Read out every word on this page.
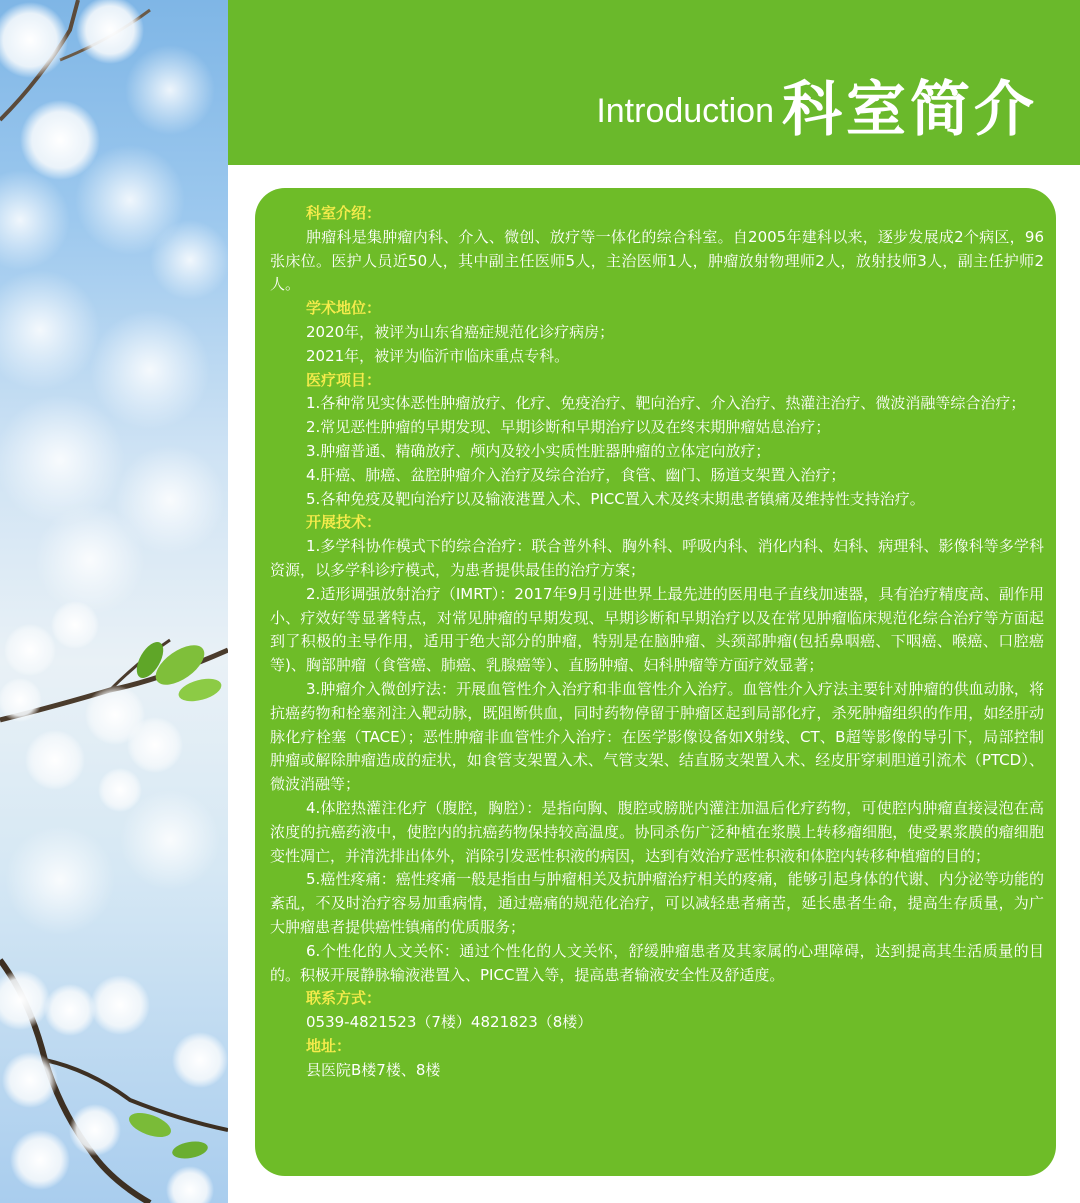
Introduction 科室简介

科室介绍：

肿瘤科是集肿瘤内科、介入、微创、放疗等一体化的综合科室。自2005年建科以来，逐步发展成2个病区，96张床位。医护人员近50人，其中副主任医师5人，主治医师1人，肿瘤放射物理师2人，放射技师3人，副主任护师2人。

学术地位：

2020年，被评为山东省癌症规范化诊疗病房；

2021年，被评为临沂市临床重点专科。

医疗项目：

1.各种常见实体恶性肿瘤放疗、化疗、免疫治疗、靶向治疗、介入治疗、热灌注治疗、微波消融等综合治疗；

2.常见恶性肿瘤的早期发现、早期诊断和早期治疗以及在终末期肿瘤姑息治疗；

3.肿瘤普通、精确放疗、颅内及较小实质性脏器肿瘤的立体定向放疗；

4.肝癌、肺癌、盆腔肿瘤介入治疗及综合治疗，食管、幽门、肠道支架置入治疗；

5.各种免疫及靶向治疗以及输液港置入术、PICC置入术及终末期患者镇痛及维持性支持治疗。

开展技术：

1.多学科协作模式下的综合治疗：联合普外科、胸外科、呼吸内科、消化内科、妇科、病理科、影像科等多学科资源，以多学科诊疗模式，为患者提供最佳的治疗方案；

2.适形调强放射治疗（IMRT）：2017年9月引进世界上最先进的医用电子直线加速器，具有治疗精度高、副作用小、疗效好等显著特点，对常见肿瘤的早期发现、早期诊断和早期治疗以及在常见肿瘤临床规范化综合治疗等方面起到了积极的主导作用，适用于绝大部分的肿瘤，特别是在脑肿瘤、头颈部肿瘤(包括鼻咽癌、下咽癌、喉癌、口腔癌等)、胸部肿瘤（食管癌、肺癌、乳腺癌等）、直肠肿瘤、妇科肿瘤等方面疗效显著；

3.肿瘤介入微创疗法：开展血管性介入治疗和非血管性介入治疗。血管性介入疗法主要针对肿瘤的供血动脉，将抗癌药物和栓塞剂注入靶动脉，既阻断供血，同时药物停留于肿瘤区起到局部化疗，杀死肿瘤组织的作用，如经肝动脉化疗栓塞（TACE）；恶性肿瘤非血管性介入治疗：在医学影像设备如X射线、CT、B超等影像的导引下，局部控制肿瘤或解除肿瘤造成的症状，如食管支架置入术、气管支架、结直肠支架置入术、经皮肝穿刺胆道引流术（PTCD）、微波消融等；

4.体腔热灌注化疗（腹腔，胸腔）：是指向胸、腹腔或膀胱内灌注加温后化疗药物，可使腔内肿瘤直接浸泡在高浓度的抗癌药液中，使腔内的抗癌药物保持较高温度。协同杀伤广泛种植在浆膜上转移瘤细胞，使受累浆膜的瘤细胞变性凋亡，并清洗排出体外，消除引发恶性积液的病因，达到有效治疗恶性积液和体腔内转移种植瘤的目的；

5.癌性疼痛：癌性疼痛一般是指由与肿瘤相关及抗肿瘤治疗相关的疼痛，能够引起身体的代谢、内分泌等功能的紊乱，不及时治疗容易加重病情，通过癌痛的规范化治疗，可以减轻患者痛苦，延长患者生命，提高生存质量，为广大肿瘤患者提供癌性镇痛的优质服务；

6.个性化的人文关怀：通过个性化的人文关怀，舒缓肿瘤患者及其家属的心理障碍，达到提高其生活质量的目的。积极开展静脉输液港置入、PICC置入等，提高患者输液安全性及舒适度。

联系方式：

0539-4821523（7楼）4821823（8楼）

地址：

县医院B楼7楼、8楼
